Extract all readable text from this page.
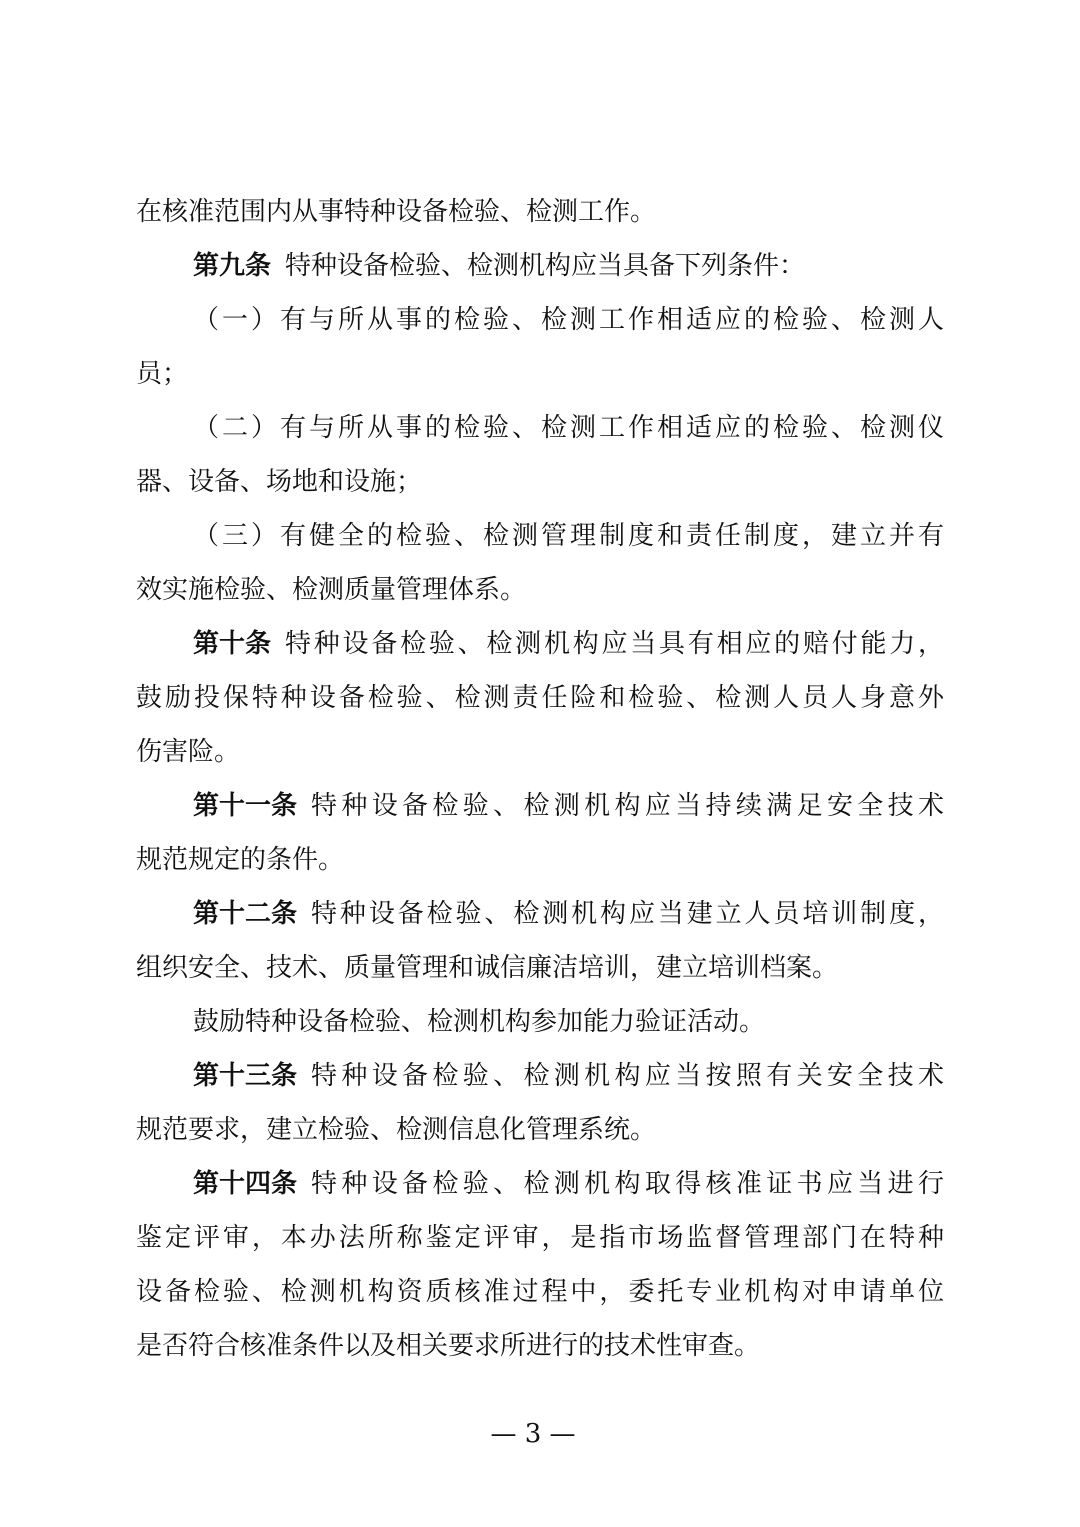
在核准范围内从事特种设备检验、检测工作。
第九条 特种设备检验、检测机构应当具备下列条件：
（一）有与所从事的检验、检测工作相适应的检验、检测人
员；
（二）有与所从事的检验、检测工作相适应的检验、检测仪
器、设备、场地和设施；
（三）有健全的检验、检测管理制度和责任制度，建立并有
效实施检验、检测质量管理体系。
第十条 特种设备检验、检测机构应当具有相应的赔付能力，
鼓励投保特种设备检验、检测责任险和检验、检测人员人身意外
伤害险。
第十一条 特种设备检验、检测机构应当持续满足安全技术
规范规定的条件。
第十二条 特种设备检验、检测机构应当建立人员培训制度，
组织安全、技术、质量管理和诚信廉洁培训，建立培训档案。
鼓励特种设备检验、检测机构参加能力验证活动。
第十三条 特种设备检验、检测机构应当按照有关安全技术
规范要求，建立检验、检测信息化管理系统。
第十四条 特种设备检验、检测机构取得核准证书应当进行
鉴定评审，本办法所称鉴定评审，是指市场监督管理部门在特种
设备检验、检测机构资质核准过程中，委托专业机构对申请单位
是否符合核准条件以及相关要求所进行的技术性审查。
— 3 —
